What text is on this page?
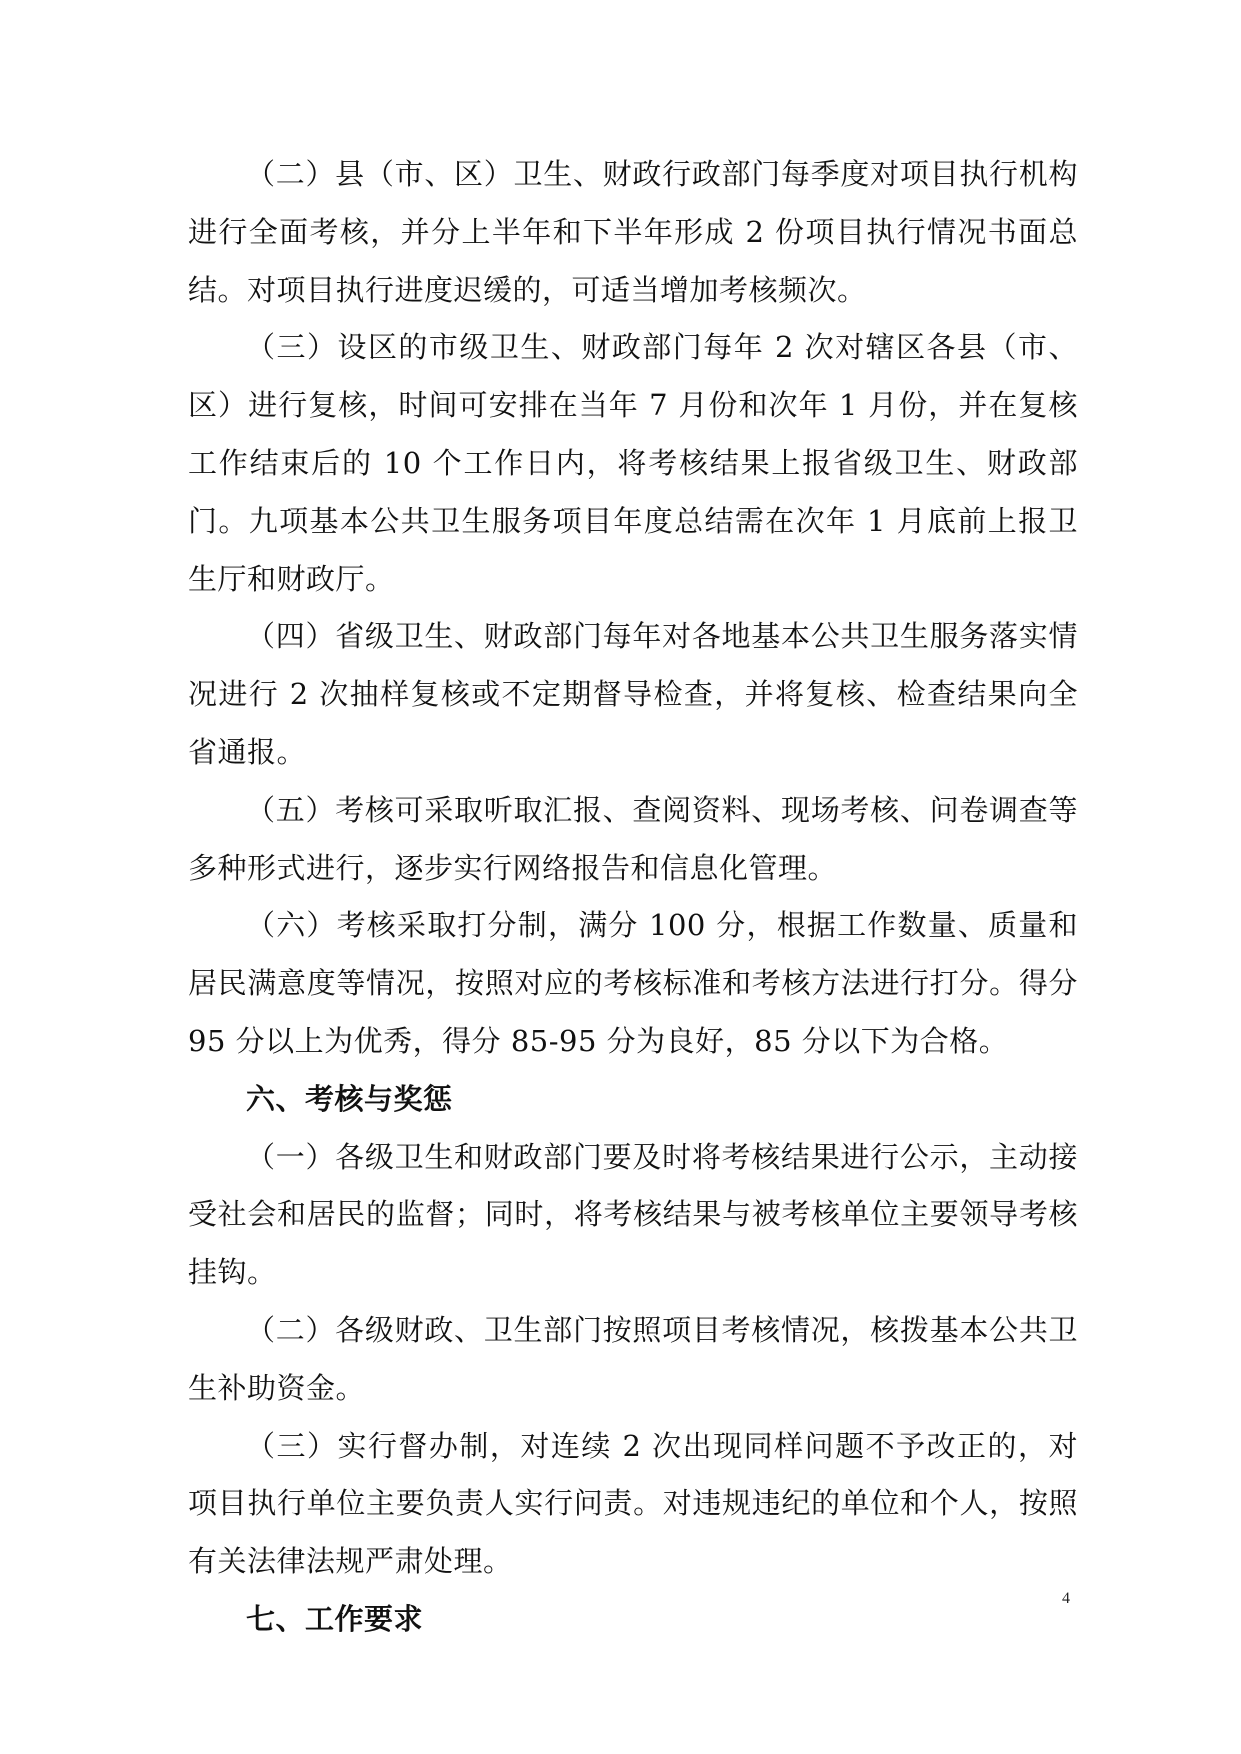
（二）县（市、区）卫生、财政行政部门每季度对项目执行机构进行全面考核，并分上半年和下半年形成 2 份项目执行情况书面总结。对项目执行进度迟缓的，可适当增加考核频次。

（三）设区的市级卫生、财政部门每年 2 次对辖区各县（市、区）进行复核，时间可安排在当年 7 月份和次年 1 月份，并在复核工作结束后的 10 个工作日内，将考核结果上报省级卫生、财政部门。九项基本公共卫生服务项目年度总结需在次年 1 月底前上报卫生厅和财政厅。

（四）省级卫生、财政部门每年对各地基本公共卫生服务落实情况进行 2 次抽样复核或不定期督导检查，并将复核、检查结果向全省通报。

（五）考核可采取听取汇报、查阅资料、现场考核、问卷调查等多种形式进行，逐步实行网络报告和信息化管理。

（六）考核采取打分制，满分 100 分，根据工作数量、质量和居民满意度等情况，按照对应的考核标准和考核方法进行打分。得分 95 分以上为优秀，得分 85-95 分为良好，85 分以下为合格。

六、考核与奖惩

（一）各级卫生和财政部门要及时将考核结果进行公示，主动接受社会和居民的监督；同时，将考核结果与被考核单位主要领导考核挂钩。

（二）各级财政、卫生部门按照项目考核情况，核拨基本公共卫生补助资金。

（三）实行督办制，对连续 2 次出现同样问题不予改正的，对项目执行单位主要负责人实行问责。对违规违纪的单位和个人，按照有关法律法规严肃处理。

七、工作要求

4
